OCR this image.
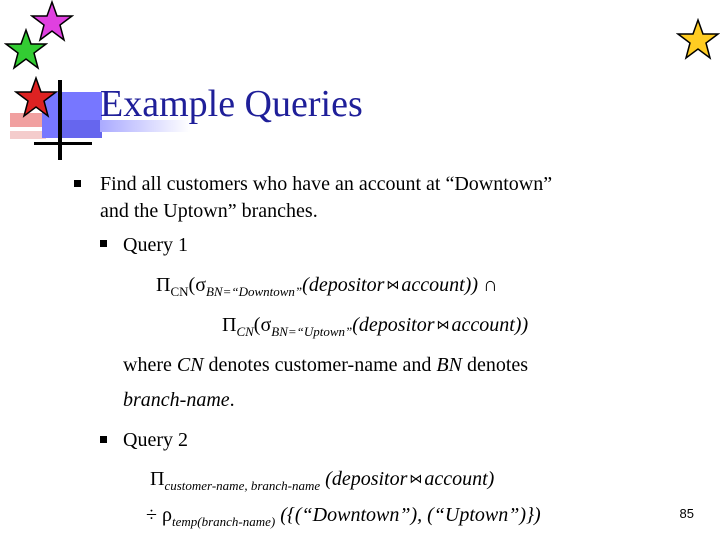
Example Queries
Find all customers who have an account at “Downtown”
and the Uptown” branches.
Query 1
$\Pi_{CN}(\sigma_{BN=“Downtown”}(depositor$ ⋈ account)) ∩
$\Pi_{CN}(\sigma_{BN=“Uptown”}(depositor$ ⋈ account))
where CN denotes customer-name and BN denotes
branch-name.
Query 2
$\Pi_{customer-name, branch-name}$ (depositor ⋈ account)
÷ $\rho_{temp(branch-name)}$ ({(“Downtown”), (“Uptown”)})	85
